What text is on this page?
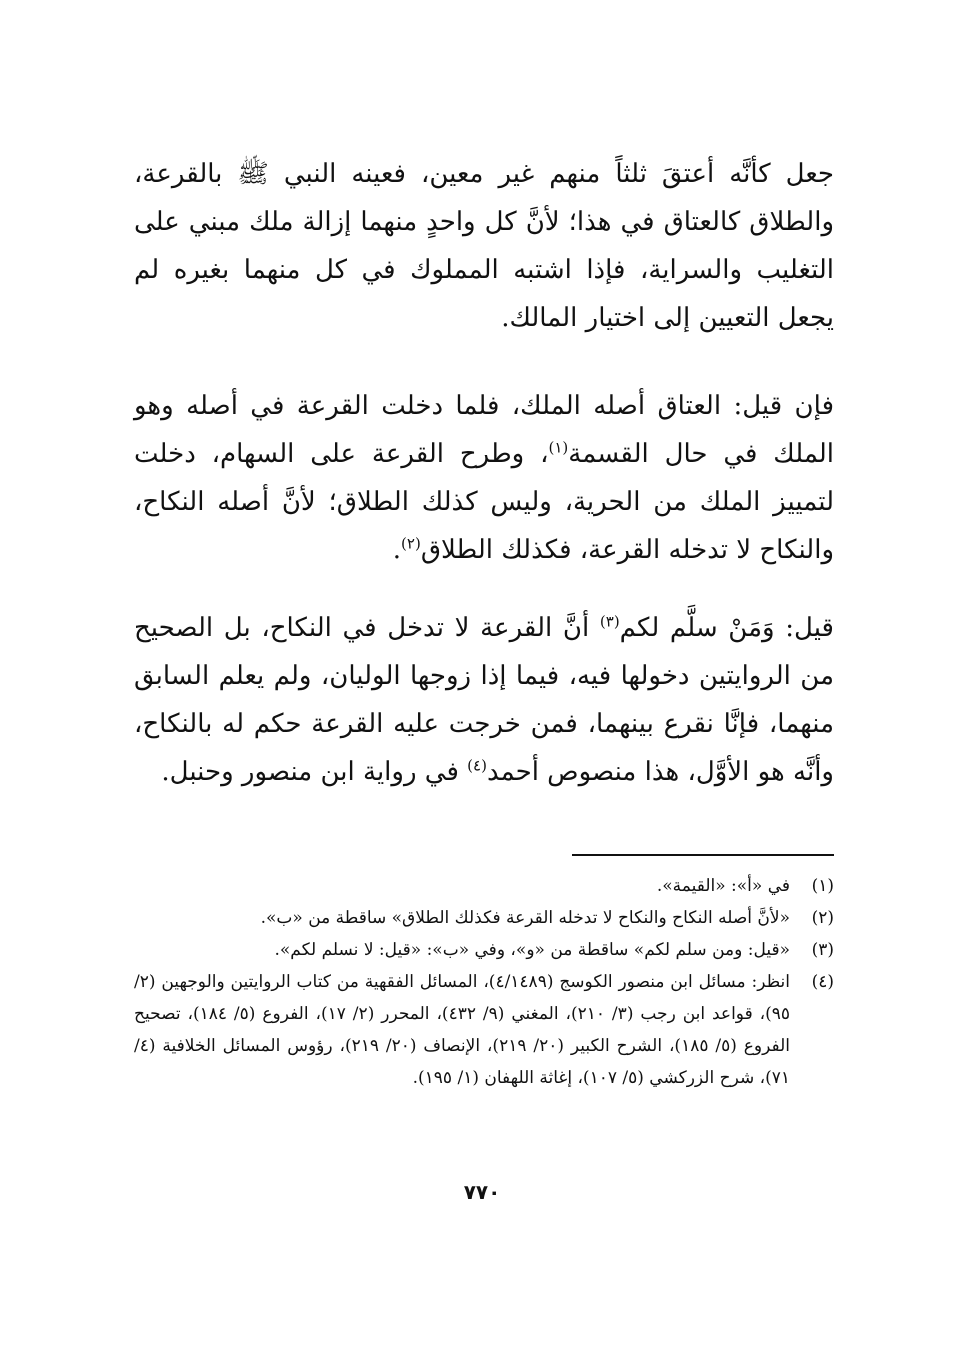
جعل كأنَّه أعتقَ ثلثاً منهم غير معين، فعينه النبي ﷺ بالقرعة، والطلاق كالعتاق في هذا؛ لأنَّ كل واحدٍ منهما إزالة ملك مبني على التغليب والسراية، فإذا اشتبه المملوك في كل منهما بغيره لم يجعل التعيين إلى اختيار المالك.

فإن قيل: العتاق أصله الملك، فلما دخلت القرعة في أصله وهو الملك في حال القسمة$^{(١)}$، وطرح القرعة على السهام، دخلت لتمييز الملك من الحرية، وليس كذلك الطلاق؛ لأنَّ أصله النكاح، والنكاح لا تدخله القرعة، فكذلك الطلاق$^{(٢)}$.

قيل: وَمَنْ سلَّم لكم$^{(٣)}$ أنَّ القرعة لا تدخل في النكاح، بل الصحيح من الروايتين دخولها فيه، فيما إذا زوجها الوليان، ولم يعلم السابق منهما، فإنَّا نقرع بينهما، فمن خرجت عليه القرعة حكم له بالنكاح، وأنَّه هو الأوَّل، هذا منصوص أحمد$^{(٤)}$ في رواية ابن منصور وحنبل.

(١)
في «أ»: «القيمة».
(٢)
«لأنَّ أصله النكاح والنكاح لا تدخله القرعة فكذلك الطلاق» ساقطة من «ب».
(٣)
«قيل: ومن سلم لكم» ساقطة من «و»، وفي «ب»: «قيل: لا نسلم لكم».
(٤)
انظر: مسائل ابن منصور الكوسج (٤/١٤٨٩)، المسائل الفقهية من كتاب الروايتين والوجهين (٢/ ٩٥)، قواعد ابن رجب (٣/ ٢١٠)، المغني (٩/ ٤٣٢)، المحرر (٢/ ١٧)، الفروع (٥/ ١٨٤)، تصحيح الفروع (٥/ ١٨٥)، الشرح الكبير (٢٠/ ٢١٩)، الإنصاف (٢٠/ ٢١٩)، رؤوس المسائل الخلافية (٤/ ٧١)، شرح الزركشي (٥/ ١٠٧)، إغاثة اللهفان (١/ ١٩٥).
٧٧٠
